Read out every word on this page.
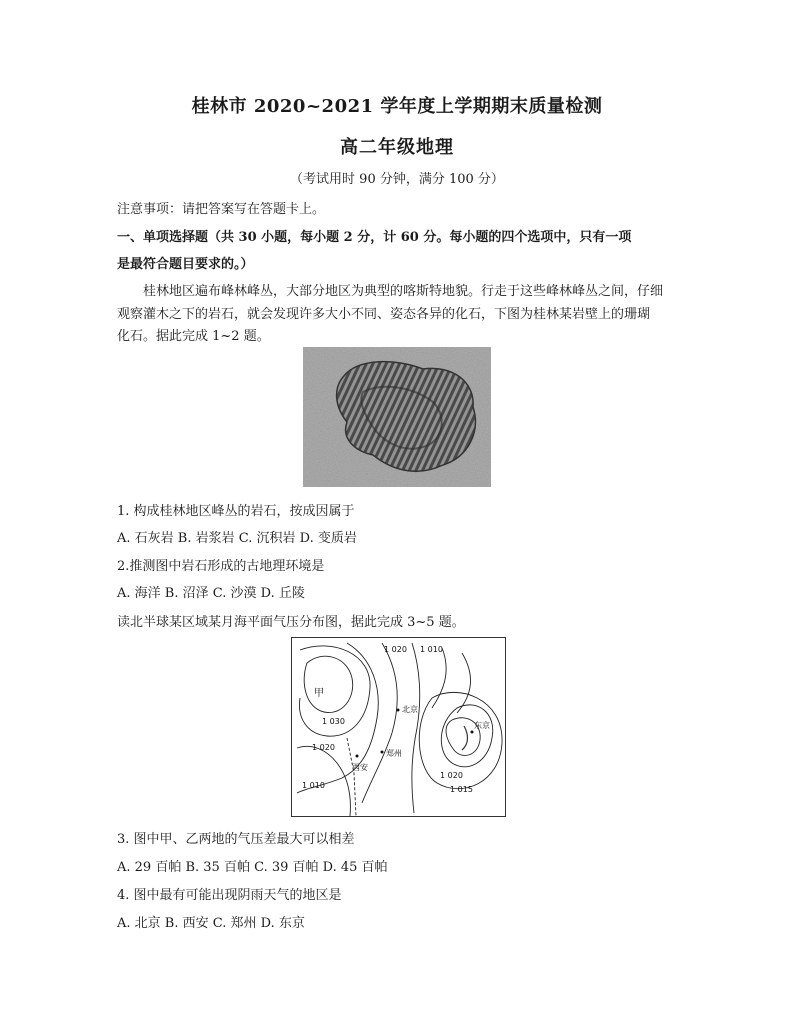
桂林市 2020~2021 学年度上学期期末质量检测
高二年级地理
（考试用时 90 分钟，满分 100 分）
注意事项：请把答案写在答题卡上。
一、单项选择题（共 30 小题，每小题 2 分，计 60 分。每小题的四个选项中，只有一项
是最符合题目要求的。）
桂林地区遍布峰林峰丛，大部分地区为典型的喀斯特地貌。行走于这些峰林峰丛之间，仔细
观察灌木之下的岩石，就会发现许多大小不同、姿态各异的化石，下图为桂林某岩壁上的珊瑚
化石。据此完成 1~2 题。
1. 构成桂林地区峰丛的岩石，按成因属于
A. 石灰岩 B. 岩浆岩 C. 沉积岩 D. 变质岩
2.推测图中岩石形成的古地理环境是
A. 海洋 B. 沼泽 C. 沙漠 D. 丘陵
读北半球某区域某月海平面气压分布图，据此完成 3~5 题。
甲
1 030
1 020
1 010
1 020 1 010
北京
郑州
西安
东京
1 020
1 015
3. 图中甲、乙两地的气压差最大可以相差
A. 29 百帕 B. 35 百帕 C. 39 百帕 D. 45 百帕
4. 图中最有可能出现阴雨天气的地区是
A. 北京 B. 西安 C. 郑州 D. 东京
